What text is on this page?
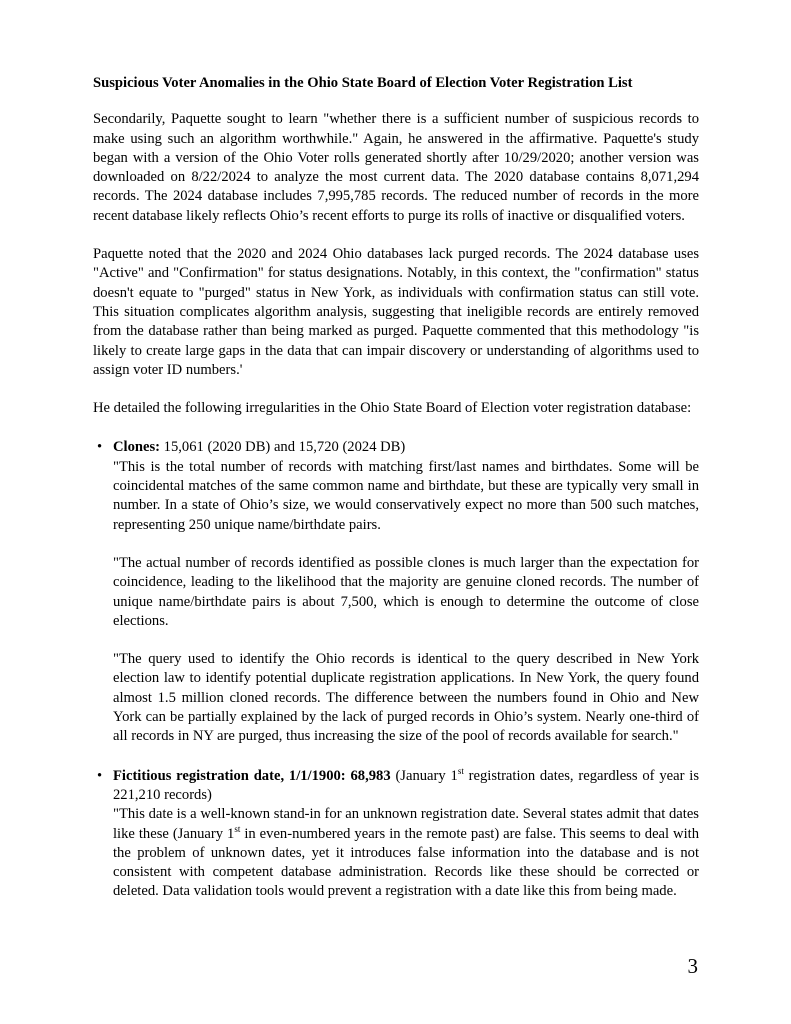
Suspicious Voter Anomalies in the Ohio State Board of Election Voter Registration List

Secondarily, Paquette sought to learn "whether there is a sufficient number of suspicious records to make using such an algorithm worthwhile." Again, he answered in the affirmative. Paquette's study began with a version of the Ohio Voter rolls generated shortly after 10/29/2020; another version was downloaded on 8/22/2024 to analyze the most current data. The 2020 database contains 8,071,294 records. The 2024 database includes 7,995,785 records. The reduced number of records in the more recent database likely reflects Ohio’s recent efforts to purge its rolls of inactive or disqualified voters.

Paquette noted that the 2020 and 2024 Ohio databases lack purged records. The 2024 database uses "Active" and "Confirmation" for status designations. Notably, in this context, the "confirmation" status doesn't equate to "purged" status in New York, as individuals with confirmation status can still vote. This situation complicates algorithm analysis, suggesting that ineligible records are entirely removed from the database rather than being marked as purged. Paquette commented that this methodology "is likely to create large gaps in the data that can impair discovery or understanding of algorithms used to assign voter ID numbers.'

He detailed the following irregularities in the Ohio State Board of Election voter registration database:

• Clones: 15,061 (2020 DB) and 15,720 (2024 DB)

"This is the total number of records with matching first/last names and birthdates. Some will be coincidental matches of the same common name and birthdate, but these are typically very small in number. In a state of Ohio’s size, we would conservatively expect no more than 500 such matches, representing 250 unique name/birthdate pairs.

"The actual number of records identified as possible clones is much larger than the expectation for coincidence, leading to the likelihood that the majority are genuine cloned records. The number of unique name/birthdate pairs is about 7,500, which is enough to determine the outcome of close elections.

"The query used to identify the Ohio records is identical to the query described in New York election law to identify potential duplicate registration applications. In New York, the query found almost 1.5 million cloned records. The difference between the numbers found in Ohio and New York can be partially explained by the lack of purged records in Ohio’s system. Nearly one-third of all records in NY are purged, thus increasing the size of the pool of records available for search."

• Fictitious registration date, 1/1/1900: 68,983 (January 1st registration dates, regardless of year is 221,210 records)

"This date is a well-known stand-in for an unknown registration date. Several states admit that dates like these (January 1st in even-numbered years in the remote past) are false. This seems to deal with the problem of unknown dates, yet it introduces false information into the database and is not consistent with competent database administration. Records like these should be corrected or deleted. Data validation tools would prevent a registration with a date like this from being made.

3
